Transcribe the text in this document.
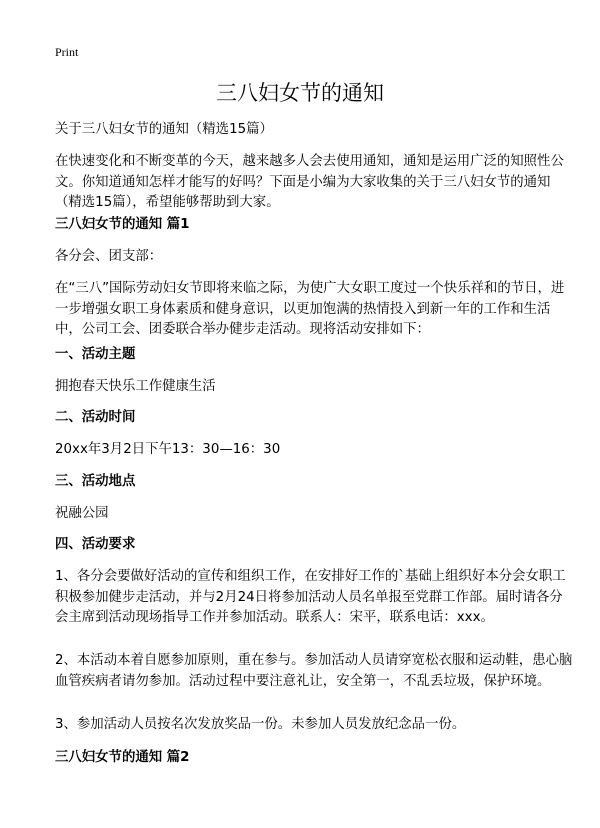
Print
三八妇女节的通知

关于三八妇女节的通知（精选15篇）

在快速变化和不断变革的今天，越来越多人会去使用通知，通知是运用广泛的知照性公文。你知道通知怎样才能写的好吗？下面是小编为大家收集的关于三八妇女节的通知（精选15篇），希望能够帮助到大家。

三八妇女节的通知 篇1

各分会、团支部：

在“三八”国际劳动妇女节即将来临之际，为使广大女职工度过一个快乐祥和的节日，进一步增强女职工身体素质和健身意识，以更加饱满的热情投入到新一年的工作和生活中，公司工会、团委联合举办健步走活动。现将活动安排如下：

一、活动主题

拥抱春天快乐工作健康生活

二、活动时间

20xx年3月2日下午13：30—16：30

三、活动地点

祝融公园

四、活动要求

1、各分会要做好活动的宣传和组织工作，在安排好工作的`基础上组织好本分会女职工积极参加健步走活动，并与2月24日将参加活动人员名单报至党群工作部。届时请各分会主席到活动现场指导工作并参加活动。联系人：宋平，联系电话：xxx。

2、本活动本着自愿参加原则，重在参与。参加活动人员请穿宽松衣服和运动鞋，患心脑血管疾病者请勿参加。活动过程中要注意礼让，安全第一，不乱丢垃圾，保护环境。

3、参加活动人员按名次发放奖品一份。未参加人员发放纪念品一份。

三八妇女节的通知 篇2
